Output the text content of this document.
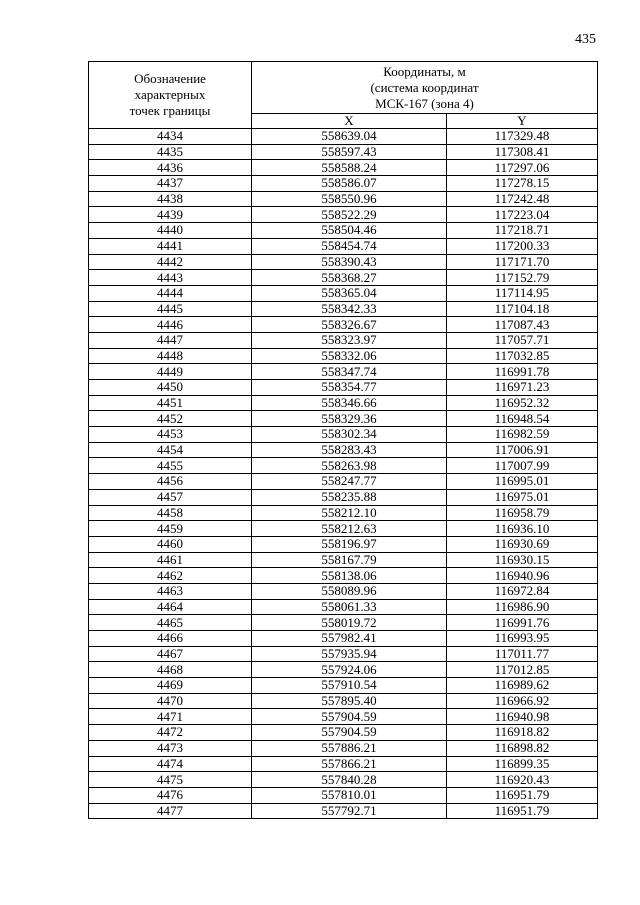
435
Обозначение
характерных
точек границы	Координаты, м
(система координат
МСК-167 (зона 4)	

	X	Y
4434	558639.04	117329.48
4435	558597.43	117308.41
4436	558588.24	117297.06
4437	558586.07	117278.15
4438	558550.96	117242.48
4439	558522.29	117223.04
4440	558504.46	117218.71
4441	558454.74	117200.33
4442	558390.43	117171.70
4443	558368.27	117152.79
4444	558365.04	117114.95
4445	558342.33	117104.18
4446	558326.67	117087.43
4447	558323.97	117057.71
4448	558332.06	117032.85
4449	558347.74	116991.78
4450	558354.77	116971.23
4451	558346.66	116952.32
4452	558329.36	116948.54
4453	558302.34	116982.59
4454	558283.43	117006.91
4455	558263.98	117007.99
4456	558247.77	116995.01
4457	558235.88	116975.01
4458	558212.10	116958.79
4459	558212.63	116936.10
4460	558196.97	116930.69
4461	558167.79	116930.15
4462	558138.06	116940.96
4463	558089.96	116972.84
4464	558061.33	116986.90
4465	558019.72	116991.76
4466	557982.41	116993.95
4467	557935.94	117011.77
4468	557924.06	117012.85
4469	557910.54	116989.62
4470	557895.40	116966.92
4471	557904.59	116940.98
4472	557904.59	116918.82
4473	557886.21	116898.82
4474	557866.21	116899.35
4475	557840.28	116920.43
4476	557810.01	116951.79
4477	557792.71	116951.79
